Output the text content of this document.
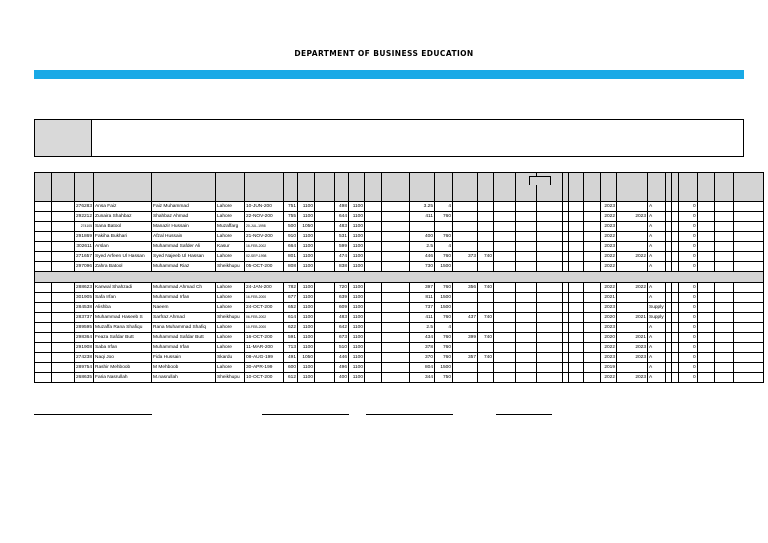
DEPARTMENT OF BUSINESS EDUCATION

		276283	Ansa Faiz	Faiz Muhammad	Lahore	10-JUN-200	751	1100		498	1100			3.25	4									2023		A			0			
		292212	Zunaira Shahbaz	Shahbaz Ahmad	Lahore	22-NOV-200	755	1100		644	1100			411	760									2022	2023	A			0			
		274105	Sana Batool	Manazir Hussain	Muzaffarg	20-JUL-1998	500	1050		483	1100													2023		A			0			
		291869	Fakiha Bukhari	Afzal Hussain	Lahore	21-NOV-200	910	1100		531	1100			400	760									2022		A			0			
		302611	Arslan	Muhammad Safder Ali	Kasur	16-FEB-2002	664	1100		599	1100			2.5	4									2023		A			0			
		271657	Syed Arfeen Ul Hassan	Syed Najeeb Ul Hassan	Lahore	02-SEP-1998	801	1100		474	1100			446	760	373	740							2022	2022	A			0			
		297096	Zahra Batool	Muhammad Riaz	Sheikhupu	05-OCT-200	808	1100		838	1100			730	1500									2022		A			0			

		288623	Kanwal Shahzadi	Muhammad Ahmad Ch	Lahore	24-JAN-200	782	1100		720	1100			397	760	356	740							2022	2022	A			0			
		301905	Safa Irfan	Muhammad Irfan	Lahore	16-FEB-2000	677	1100		639	1100			811	1500									2021		A			0			
		284538	Alishba	Naeem	Lahore	24-OCT-200	652	1100		609	1100			737	1500									2023		Supply			0			
		283737	Muhammad Haseeb S	Sarfraz Ahmad	Sheikhupu	06-FEB-2002	614	1100		483	1100			411	760	437	740							2020	2021	Supply			0			
		289595	Muzaffa Rana Shafiqu	Rana Muhammad Shafiq	Lahore	10-FEB-2000	622	1100		642	1100			2.5	4									2023		A			0			
		298364	Feaza Safdar Butt	Muhammad Safdar Butt	Lahore	16-OCT-200	591	1100		673	1100			434	760	399	740							2020	2021	A			0			
		291908	Saba Irfan	Muhammad Irfan	Lahore	11-MAR-200	713	1100		510	1100			378	760									2022	2023	A			0			
		274238	Naqi Joo	Fida Hussain	Skardu	08-AUG-199	491	1050		446	1100			370	760	357	740							2023	2023	A			0			
		289754	Rashir Mehboob	M Mehboob	Lahore	30-APR-199	600	1100		496	1100			804	1500									2019		A			0			
		268635	Faria Nasrullah	M.nasrullah	Sheikhupu	10-OCT-200	612	1100		400	1100			344	750									2022	2023	A			0			
